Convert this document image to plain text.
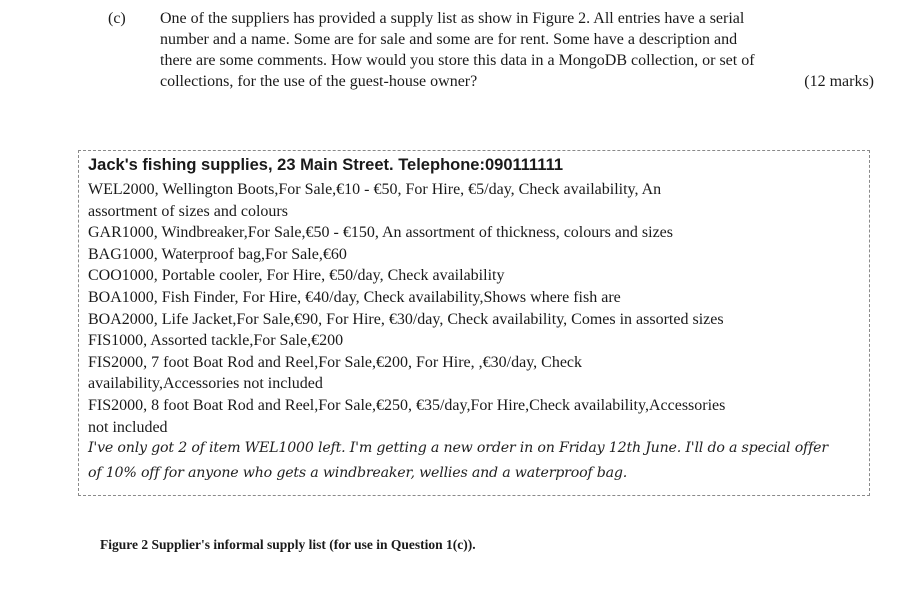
(c) One of the suppliers has provided a supply list as show in Figure 2. All entries have a serial
number and a name. Some are for sale and some are for rent. Some have a description and
there are some comments. How would you store this data in a MongoDB collection, or set of
collections, for the use of the guest-house owner?	(12 marks)
Jack's fishing supplies, 23 Main Street. Telephone:090111111
WEL2000, Wellington Boots,For Sale,€10 - €50, For Hire, €5/day, Check availability, An
assortment of sizes and colours
GAR1000, Windbreaker,For Sale,€50 - €150, An assortment of thickness, colours and sizes
BAG1000, Waterproof bag,For Sale,€60
COO1000, Portable cooler, For Hire, €50/day, Check availability
BOA1000, Fish Finder, For Hire, €40/day, Check availability,Shows where fish are
BOA2000, Life Jacket,For Sale,€90, For Hire, €30/day, Check availability, Comes in assorted sizes
FIS1000, Assorted tackle,For Sale,€200
FIS2000, 7 foot Boat Rod and Reel,For Sale,€200, For Hire, ,€30/day, Check
availability,Accessories not included
FIS2000, 8 foot Boat Rod and Reel,For Sale,€250, €35/day,For Hire,Check availability,Accessories
not included
I've only got 2 of item WEL1000 left. I'm getting a new order in on Friday 12th June. I'll do a special offer
of 10% off for anyone who gets a windbreaker, wellies and a waterproof bag.
Figure 2 Supplier's informal supply list (for use in Question 1(c)).
